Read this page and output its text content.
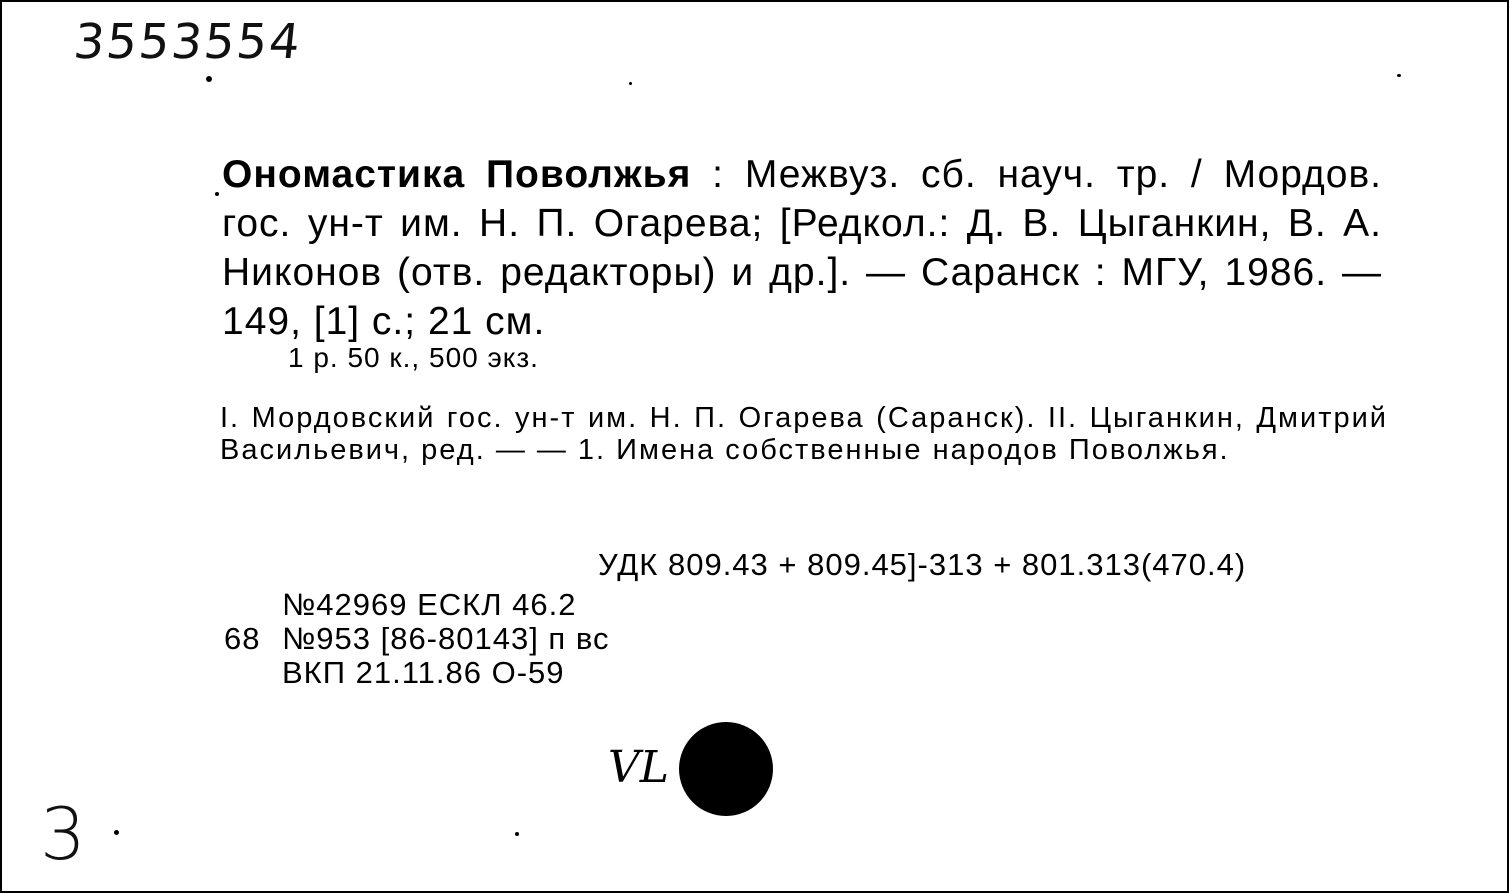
3553554
Ономастика Поволжья : Межвуз. сб. науч. тр. / Мордов. гос. ун-т им. Н. П. Огарева; [Редкол.: Д. В. Цыганкин, В. А. Никонов (отв. редакторы) и др.]. — Саранск : МГУ, 1986. — 149, [1] с.; 21 см.
1 р. 50 к., 500 экз.
I. Мордовский гос. ун-т им. Н. П. Огарева (Саранск). II. Цыганкин, Дмитрий Васильевич, ред. — — 1. Имена собственные народов Поволжья.
УДК 809.43 + 809.45]-313 + 801.313(470.4)
№42969 ЕСКЛ 46.2
68 №953 [86-80143] п вс
ВКП 21.11.86 О-59
VL
3
